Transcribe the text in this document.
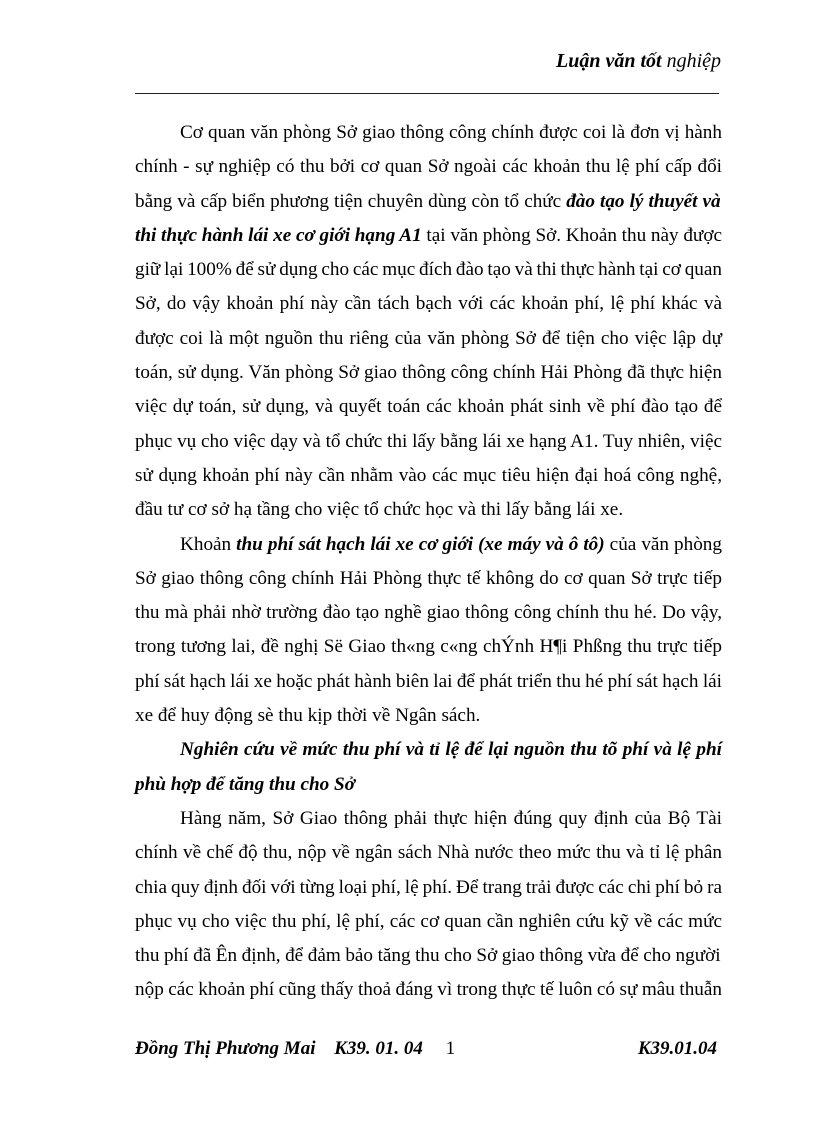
Luận văn tốt nghiệp
Cơ quan văn phòng Sở giao thông công chính được coi là đơn vị hành
chính - sự nghiệp có thu bởi cơ quan Sở ngoài các khoản thu lệ phí cấp đổi
bằng và cấp biển phương tiện chuyên dùng còn tổ chức đào tạo lý thuyết và
thi thực hành lái xe cơ giới hạng A1 tại văn phòng Sở. Khoản thu này được
giữ lại 100% để sử dụng cho các mục đích đào tạo và thi thực hành tại cơ quan
Sở, do vậy khoản phí này cần tách bạch với các khoản phí, lệ phí khác và
được coi là một nguồn thu riêng của văn phòng Sở để tiện cho việc lập dự
toán, sử dụng. Văn phòng Sở giao thông công chính Hải Phòng đã thực hiện
việc dự toán, sử dụng, và quyết toán các khoản phát sinh về phí đào tạo để
phục vụ cho việc dạy và tổ chức thi lấy bằng lái xe hạng A1. Tuy nhiên, việc
sử dụng khoản phí này cần nhằm vào các mục tiêu hiện đại hoá công nghệ,
đầu tư cơ sở hạ tầng cho việc tổ chức học và thi lấy bằng lái xe.
Khoản thu phí sát hạch lái xe cơ giới (xe máy và ô tô) của văn phòng
Sở giao thông công chính Hải Phòng thực tế không do cơ quan Sở trực tiếp
thu mà phải nhờ trường đào tạo nghề giao thông công chính thu hé. Do vậy,
trong tương lai, đề nghị Së Giao th«ng c«ng chÝnh H¶i Phßng thu trực tiếp
phí sát hạch lái xe hoặc phát hành biên lai để phát triển thu hé phí sát hạch lái
xe để huy động sè thu kịp thời về Ngân sách.
Nghiên cứu về mức thu phí và tỉ lệ để lại nguồn thu tõ phí và lệ phí
phù hợp để tăng thu cho Sở
Hàng năm, Sở Giao thông phải thực hiện đúng quy định của Bộ Tài
chính về chế độ thu, nộp về ngân sách Nhà nước theo mức thu và tỉ lệ phân
chia quy định đối với từng loại phí, lệ phí. Để trang trải được các chi phí bỏ ra
phục vụ cho việc thu phí, lệ phí, các cơ quan cần nghiên cứu kỹ về các mức
thu phí đã Ên định, để đảm bảo tăng thu cho Sở giao thông vừa để cho người
nộp các khoản phí cũng thấy thoả đáng vì trong thực tế luôn có sự mâu thuẫn
Đồng Thị Phương Mai K39. 01. 04 1	K39.01.04
